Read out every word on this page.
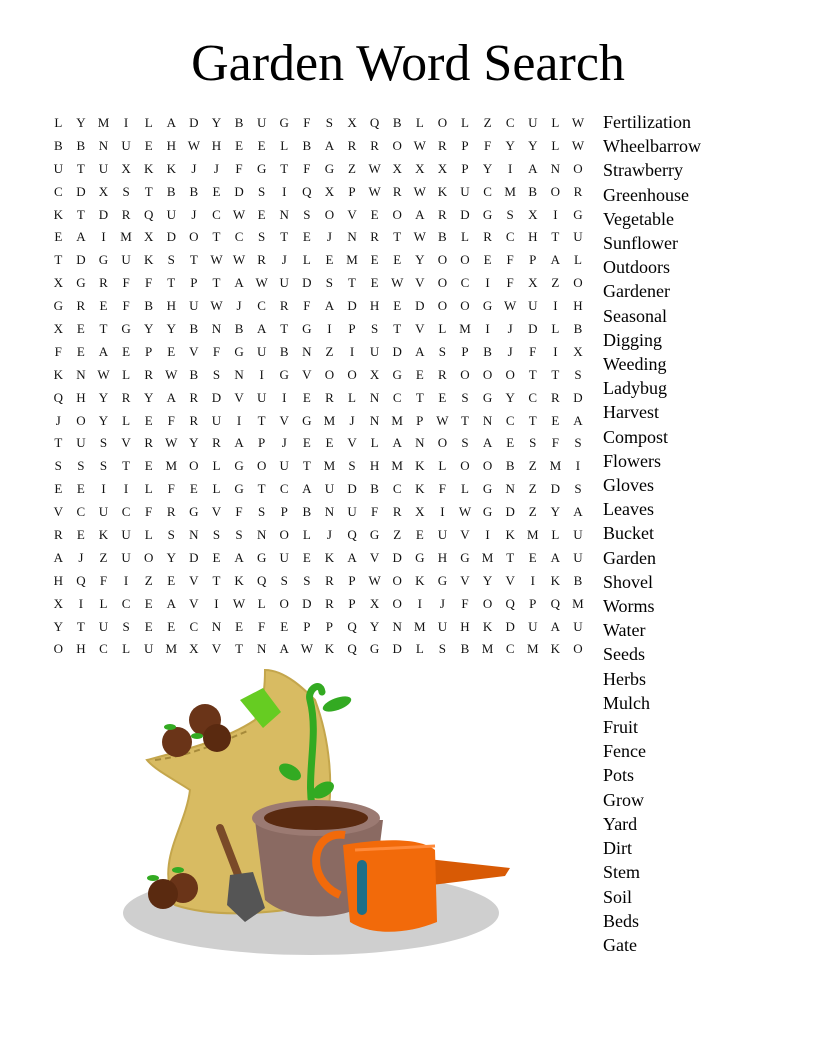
Garden Word Search
L	Y M	I	L	A	D	Y	B	U	G	F	S	X	Q	B	L	O	L	Z	C	U	L W
B	B	N	U	E	H W H	E	E	L	B	A	R	R	O W R	P	F	Y	Y	L W
U	T	U	X	K	K	J	J	F	G	T	F	G	Z W X	X	X	P	Y	I	A	N	O
C	D	X	S	T	B	B	E	D	S	I	Q	X	P W R W K	U	C M B	O	R
K	T	D	R	Q	U	J	C W E	N	S	O	V	E	O	A	R	D	G	S	X	I	G
E	A	I	M X	D	O	T	C	S	T	E	J	N	R	T W B	L	R	C	H	T	U
T	D	G	U	K	S	T W W R	J	L	E M E	E	Y	O	O	E	F	P	A	L
X	G	R	F	F	T	P	T	A W U	D	S	T	E W V	O	C	I	F	X	Z	O
G	R	E	F	B	H	U W	J	C	R	F	A	D	H	E	D	O	O	G W U	I	H
X	E	T	G	Y	Y	B	N	B	A	T	G	I	P	S	T	V	L M	I	J	D	L	B
F	E	A	E	P	E	V	F	G	U	B	N	Z	I	U	D	A	S	P	B	J	F	I	X
K	N W L	R W B	S	N	I	G	V	O	O	X	G	E	R	O	O	O	T	T	S
Q	H	Y	R	Y	A	R	D	V	U	I	E	R	L	N	C	T	E	S	G	Y	C	R	D
J	O	Y	L	E	F	R	U	I	T	V	G M	J	N M	P W T	N	C	T	E	A
T	U	S	V	R W Y	R	A	P	J	E	E	V	L	A	N	O	S	A	E	S	F	S
S	S	S	T	E M O	L	G	O	U	T M	S	H M K	L	O	O	B	Z M	I
E	E	I	I	L	F	E	L	G	T	C	A	U	D	B	C	K	F	L	G	N	Z	D	S
V	C	U	C	F	R	G	V	F	S	P	B	N	U	F	R	X	I	W G	D	Z	Y	A
R	E	K	U	L	S	N	S	S	N	O	L	J	Q	G	Z	E	U	V	I	K M L	U
A	J	Z	U	O	Y	D	E	A	G	U	E	K	A	V	D	G	H	G M T	E	A	U
H	Q	F	I	Z	E	V	T	K	Q	S	S	R	P W O	K	G	V	Y	V	I	K	B
X	I	L	C	E	A	V	I	W L	O	D	R	P	X	O	I	J	F	O	Q	P	Q M
Y	T	U	S	E	E	C	N	E	F	E	P	P	Q	Y	N M U	H	K	D	U	A	U
O	H	C	L	U M X	V	T	N	A W K	Q	G	D	L	S	B M C M K	O
Fertilization
Wheelbarrow
Strawberry
Greenhouse
Vegetable
Sunflower
Outdoors
Gardener
Seasonal
Digging
Weeding
Ladybug
Harvest
Compost
Flowers
Gloves
Leaves
Bucket
Garden
Shovel
Worms
Water
Seeds
Herbs
Mulch
Fruit
Fence
Pots
Grow
Yard
Dirt
Stem
Soil
Beds
Gate
